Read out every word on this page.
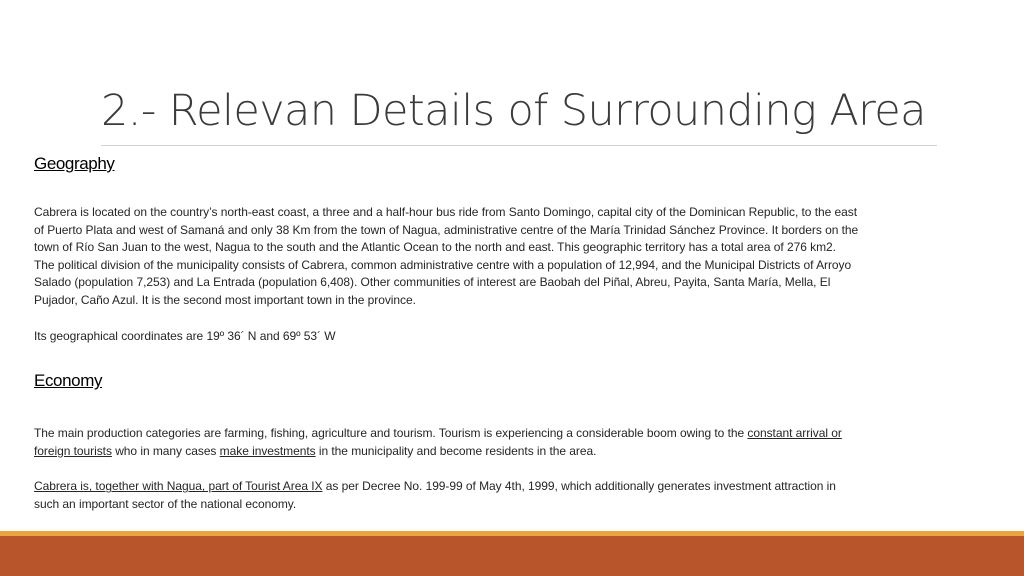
2.- Relevan Details of Surrounding Area

Geography

Cabrera is located on the country’s north-east coast, a three and a half-hour bus ride from Santo Domingo, capital city of the Dominican Republic, to the east

of Puerto Plata and west of Samaná and only 38 Km from the town of Nagua, administrative centre of the María Trinidad Sánchez Province. It borders on the

town of Río San Juan to the west, Nagua to the south and the Atlantic Ocean to the north and east. This geographic territory has a total area of 276 km2.

The political division of the municipality consists of Cabrera, common administrative centre with a population of 12,994, and the Municipal Districts of Arroyo

Salado (population 7,253) and La Entrada (population 6,408). Other communities of interest are Baobah del Piñal, Abreu, Payita, Santa María, Mella, El

Pujador, Caño Azul. It is the second most important town in the province.

Its geographical coordinates are 19º 36´ N and 69º 53´ W

Economy

The main production categories are farming, fishing, agriculture and tourism. Tourism is experiencing a considerable boom owing to the constant arrival or

foreign tourists who in many cases make investments in the municipality and become residents in the area.

Cabrera is, together with Nagua, part of Tourist Area IX as per Decree No. 199-99 of May 4th, 1999, which additionally generates investment attraction in

such an important sector of the national economy.
